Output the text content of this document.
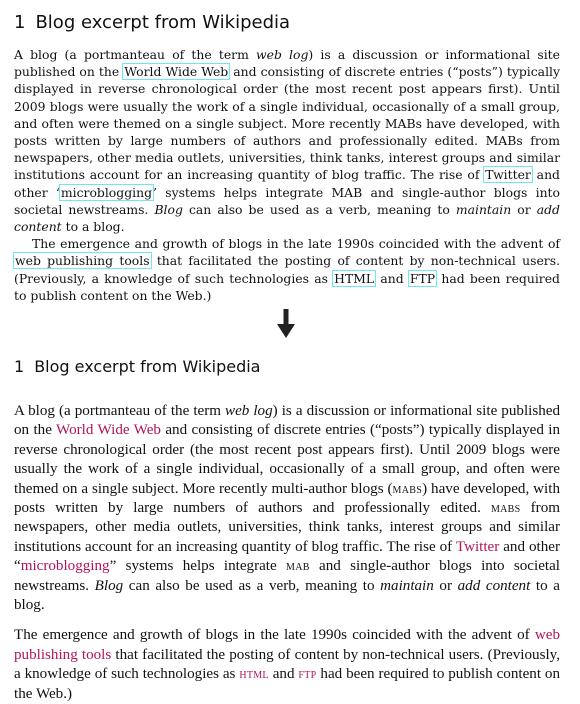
1 Blog excerpt from Wikipedia

A blog (a portmanteau of the term web log) is a discussion or informational site published on the World Wide Web and consisting of discrete entries (“posts”) typically displayed in reverse chronological order (the most recent post appears first). Until 2009 blogs were usually the work of a single individual, occasionally of a small group, and often were themed on a single subject. More recently MABs have developed, with posts written by large numbers of authors and professionally edited. MABs from newspapers, other media outlets, universities, think tanks, interest groups and similar institutions account for an increasing quantity of blog traffic. The rise of Twitter and other ‘microblogging’ systems helps integrate MAB and single-author blogs into societal newstreams. Blog can also be used as a verb, meaning to maintain or add content to a blog.

The emergence and growth of blogs in the late 1990s coincided with the advent of web publishing tools that facilitated the posting of content by non-technical users. (Previously, a knowledge of such technologies as HTML and FTP had been required to publish content on the Web.)

1 Blog excerpt from Wikipedia

A blog (a portmanteau of the term web log) is a discussion or informational site published on the World Wide Web and consisting of discrete entries (“posts”) typically displayed in reverse chronological order (the most recent post appears first). Until 2009 blogs were usually the work of a single individual, occasionally of a small group, and often were themed on a single subject. More recently multi-author blogs (mabs) have developed, with posts written by large numbers of authors and professionally edited. mabs from newspapers, other media outlets, universities, think tanks, interest groups and similar institutions account for an increasing quantity of blog traffic. The rise of Twitter and other “microblogging” systems helps integrate mab and single-author blogs into societal newstreams. Blog can also be used as a verb, meaning to maintain or add content to a blog.

The emergence and growth of blogs in the late 1990s coincided with the advent of web publishing tools that facilitated the posting of content by non-technical users. (Previously, a knowledge of such technologies as html and ftp had been required to publish content on the Web.)
